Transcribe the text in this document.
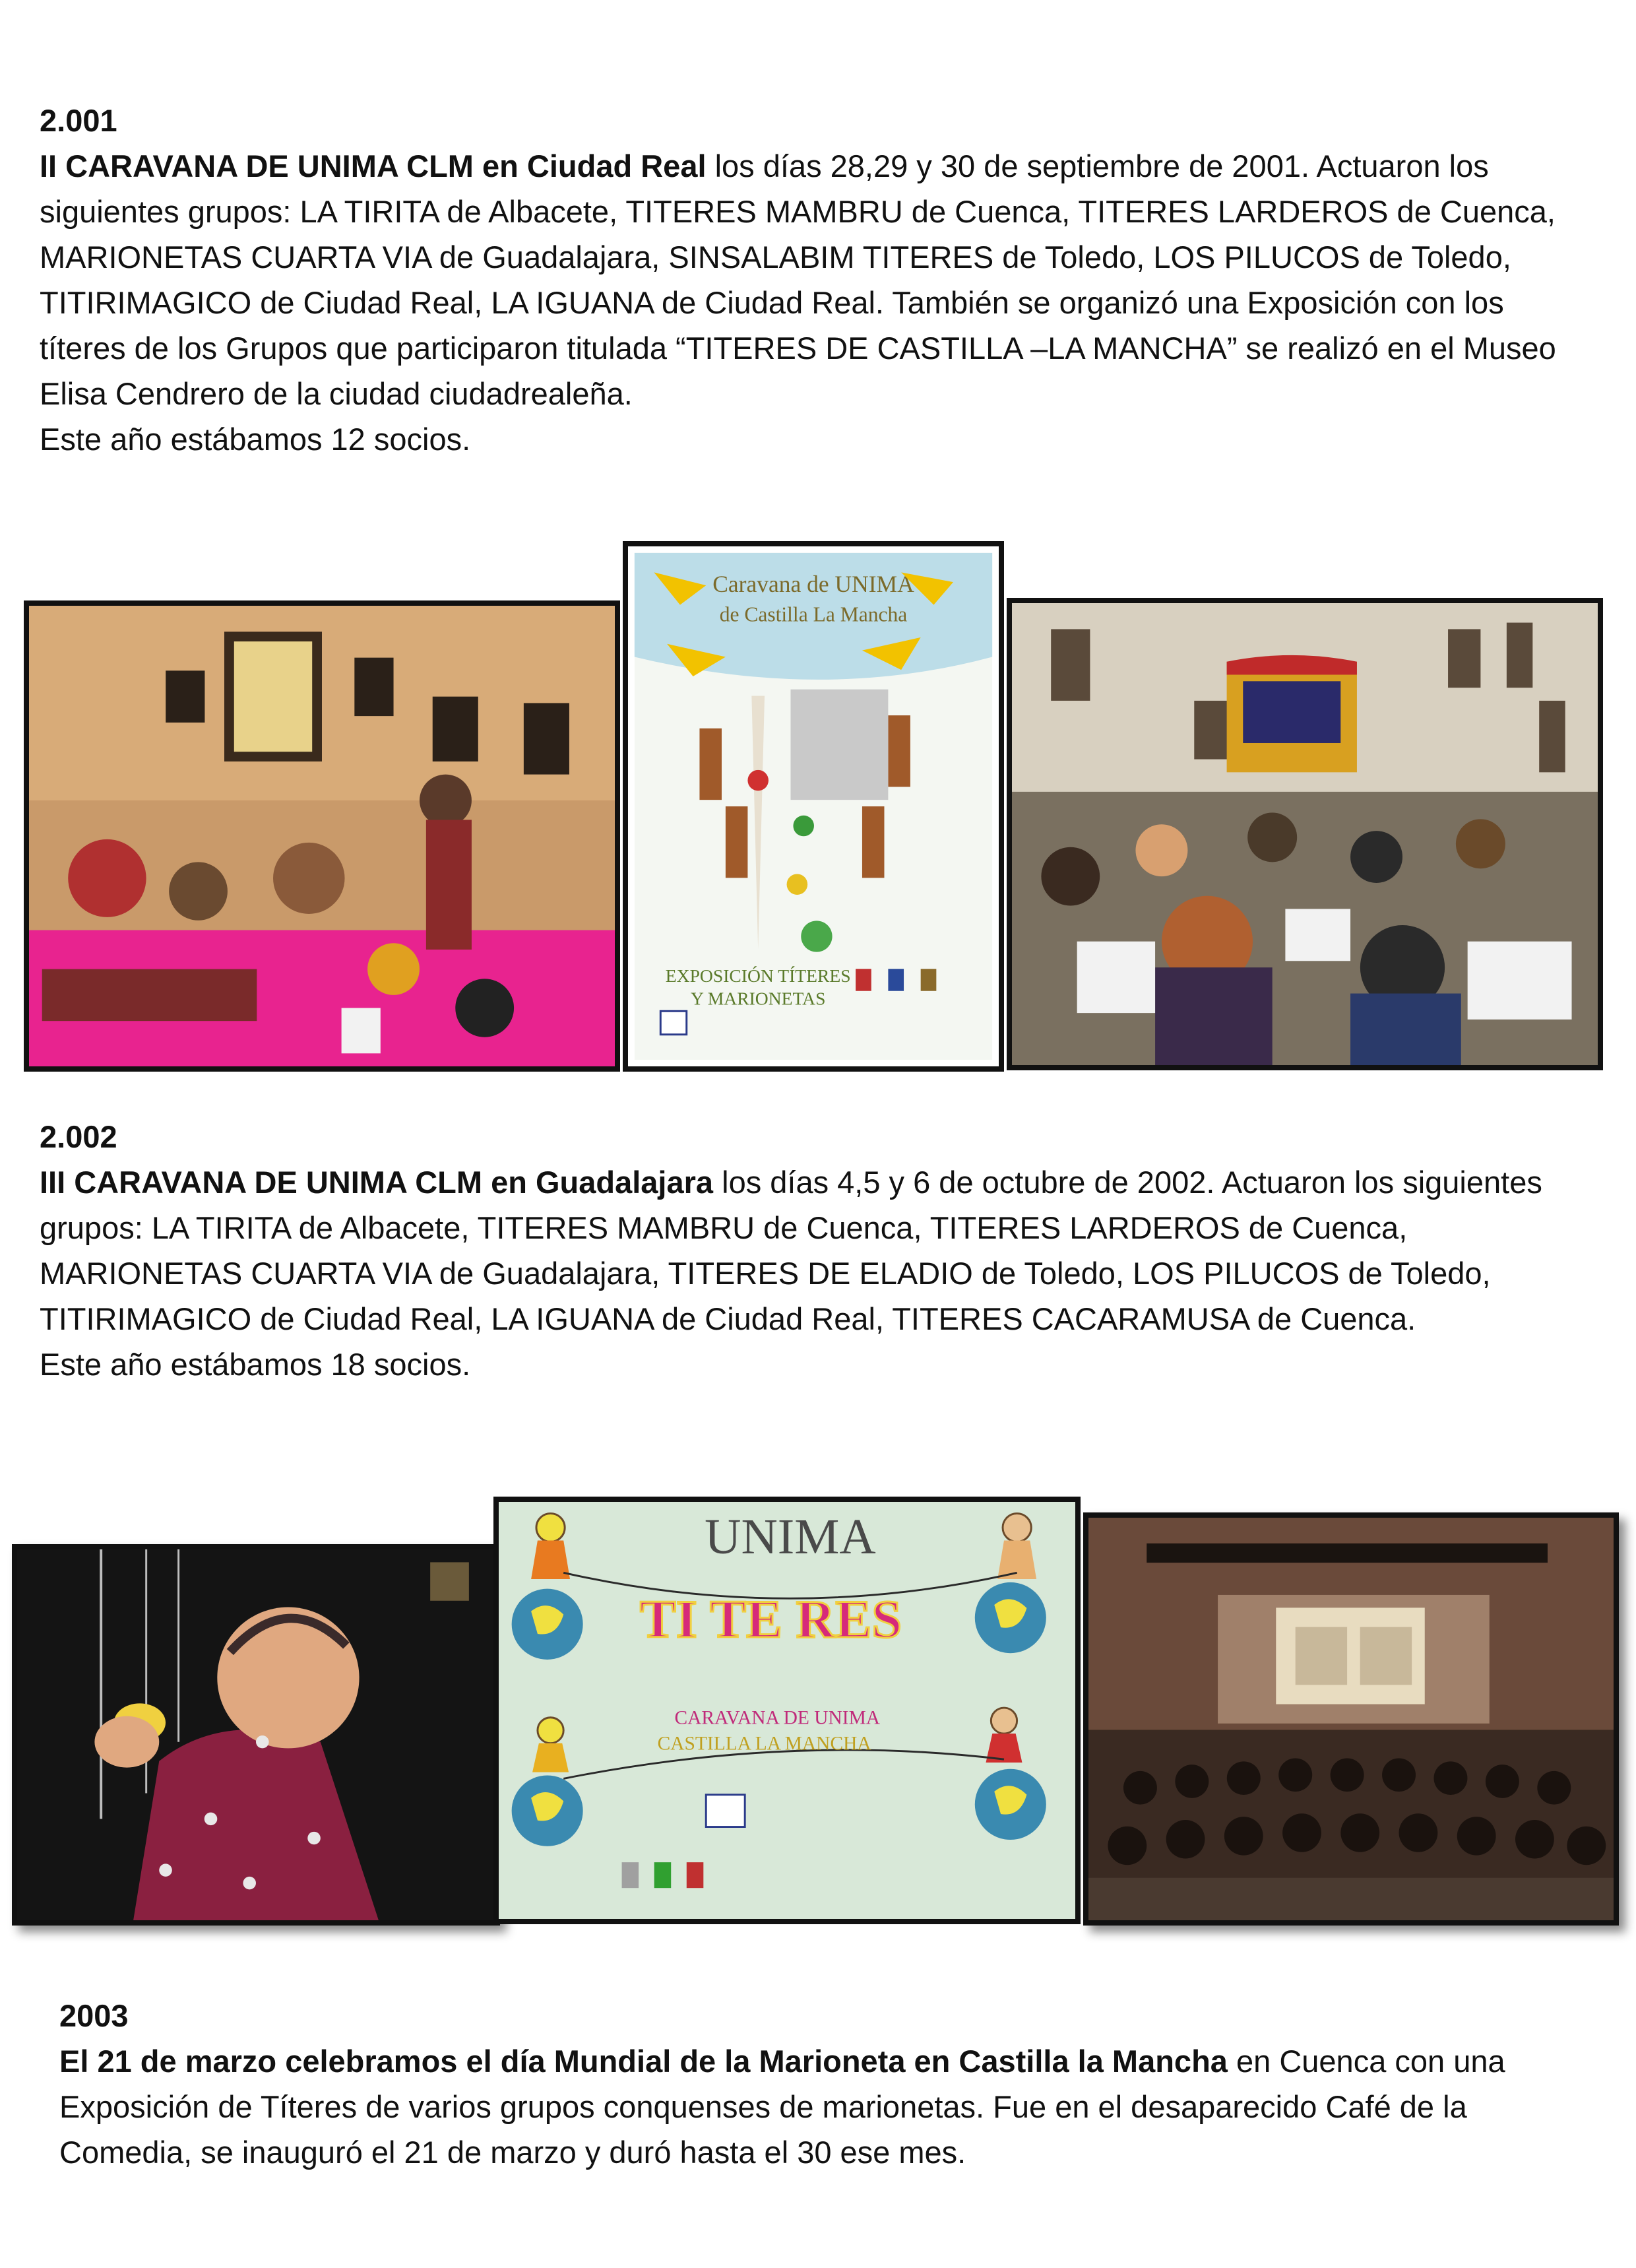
2.001

II CARAVANA DE UNIMA CLM en Ciudad Real los días 28,29 y 30 de septiembre de 2001. Actuaron los siguientes grupos: LA TIRITA de Albacete, TITERES MAMBRU de Cuenca, TITERES LARDEROS de Cuenca, MARIONETAS CUARTA VIA de Guadalajara, SINSALABIM TITERES de Toledo, LOS PILUCOS de Toledo, TITIRIMAGICO de Ciudad Real, LA IGUANA de Ciudad Real. También se organizó una Exposición con los títeres de los Grupos que participaron titulada “TITERES DE CASTILLA –LA MANCHA” se realizó en el Museo Elisa Cendrero de la ciudad ciudadrealeña.

Este año estábamos 12 socios.

Caravana de UNIMA
de Castilla La Mancha
EXPOSICIÓN TÍTERES
Y MARIONETAS

2.002

III CARAVANA DE UNIMA CLM en Guadalajara los días 4,5 y 6 de octubre de 2002. Actuaron los siguientes grupos: LA TIRITA de Albacete, TITERES MAMBRU de Cuenca, TITERES LARDEROS de Cuenca, MARIONETAS CUARTA VIA de Guadalajara, TITERES DE ELADIO de Toledo, LOS PILUCOS de Toledo, TITIRIMAGICO de Ciudad Real, LA IGUANA de Ciudad Real, TITERES CACARAMUSA de Cuenca.

Este año estábamos 18 socios.

UNIMA
TI TE RES
CARAVANA DE UNIMA
CASTILLA LA MANCHA

2003

El 21 de marzo celebramos el día Mundial de la Marioneta en Castilla la Mancha en Cuenca con una Exposición de Títeres de varios grupos conquenses de marionetas. Fue en el desaparecido Café de la Comedia, se inauguró el 21 de marzo y duró hasta el 30 ese mes.
